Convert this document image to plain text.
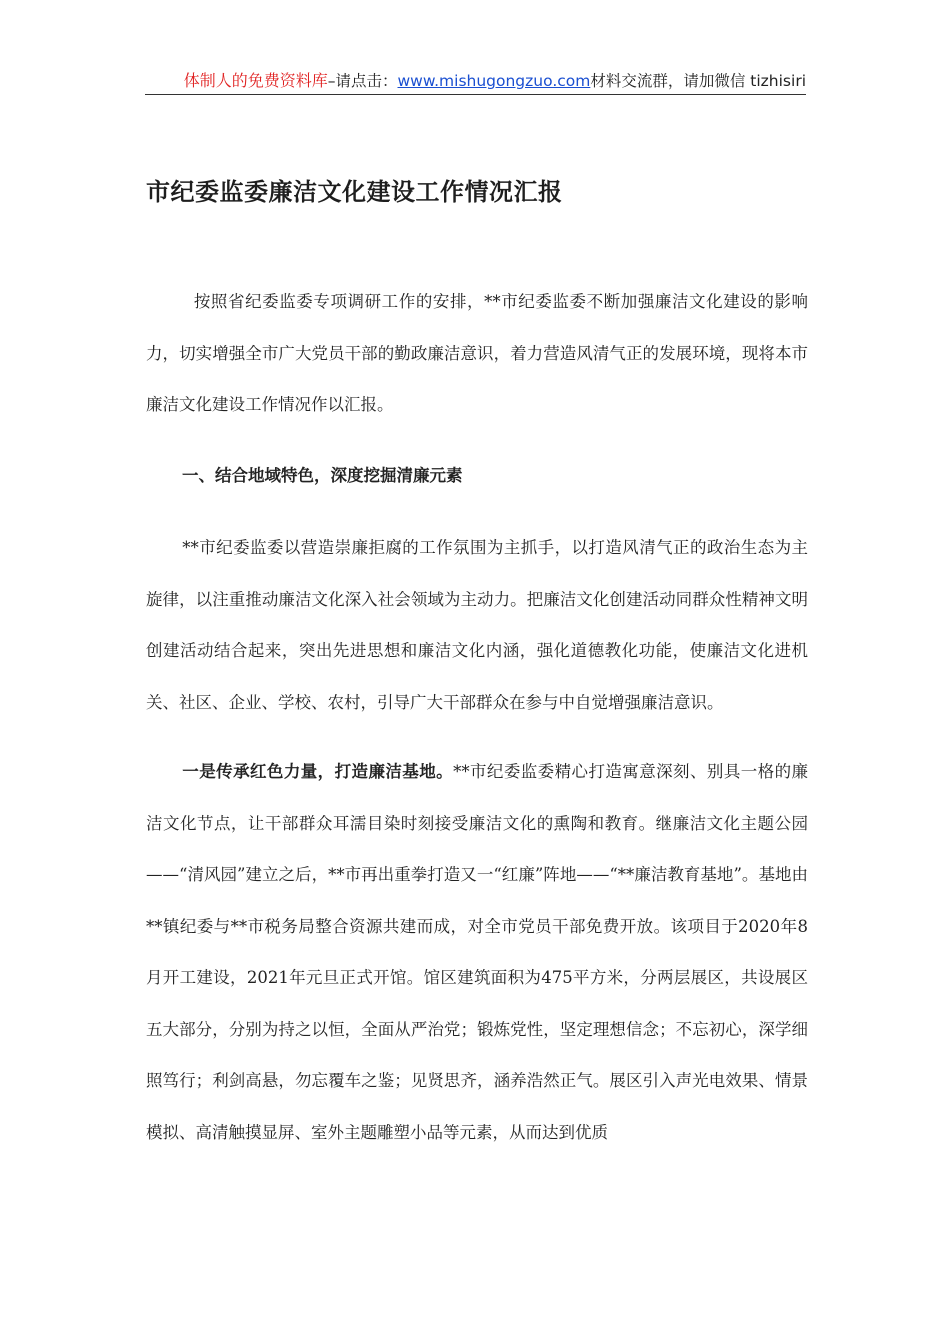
体制人的免费资料库–请点击：www.mishugongzuo.com材料交流群，请加微信 tizhisiri
市纪委监委廉洁文化建设工作情况汇报

按照省纪委监委专项调研工作的安排，**市纪委监委不断加强廉洁文化建设的影响力，切实增强全市广大党员干部的勤政廉洁意识，着力营造风清气正的发展环境，现将本市廉洁文化建设工作情况作以汇报。

一、结合地域特色，深度挖掘清廉元素

**市纪委监委以营造崇廉拒腐的工作氛围为主抓手，以打造风清气正的政治生态为主旋律，以注重推动廉洁文化深入社会领域为主动力。把廉洁文化创建活动同群众性精神文明创建活动结合起来，突出先进思想和廉洁文化内涵，强化道德教化功能，使廉洁文化进机关、社区、企业、学校、农村，引导广大干部群众在参与中自觉增强廉洁意识。

一是传承红色力量，打造廉洁基地。**市纪委监委精心打造寓意深刻、别具一格的廉洁文化节点，让干部群众耳濡目染时刻接受廉洁文化的熏陶和教育。继廉洁文化主题公园——“清风园”建立之后，**市再出重拳打造又一“红廉”阵地——“**廉洁教育基地”。基地由**镇纪委与**市税务局整合资源共建而成，对全市党员干部免费开放。该项目于2020年8月开工建设，2021年元旦正式开馆。馆区建筑面积为475平方米，分两层展区，共设展区五大部分，分别为持之以恒，全面从严治党；锻炼党性，坚定理想信念；不忘初心，深学细照笃行；利剑高悬，勿忘覆车之鉴；见贤思齐，涵养浩然正气。展区引入声光电效果、情景模拟、高清触摸显屏、室外主题雕塑小品等元素，从而达到优质
